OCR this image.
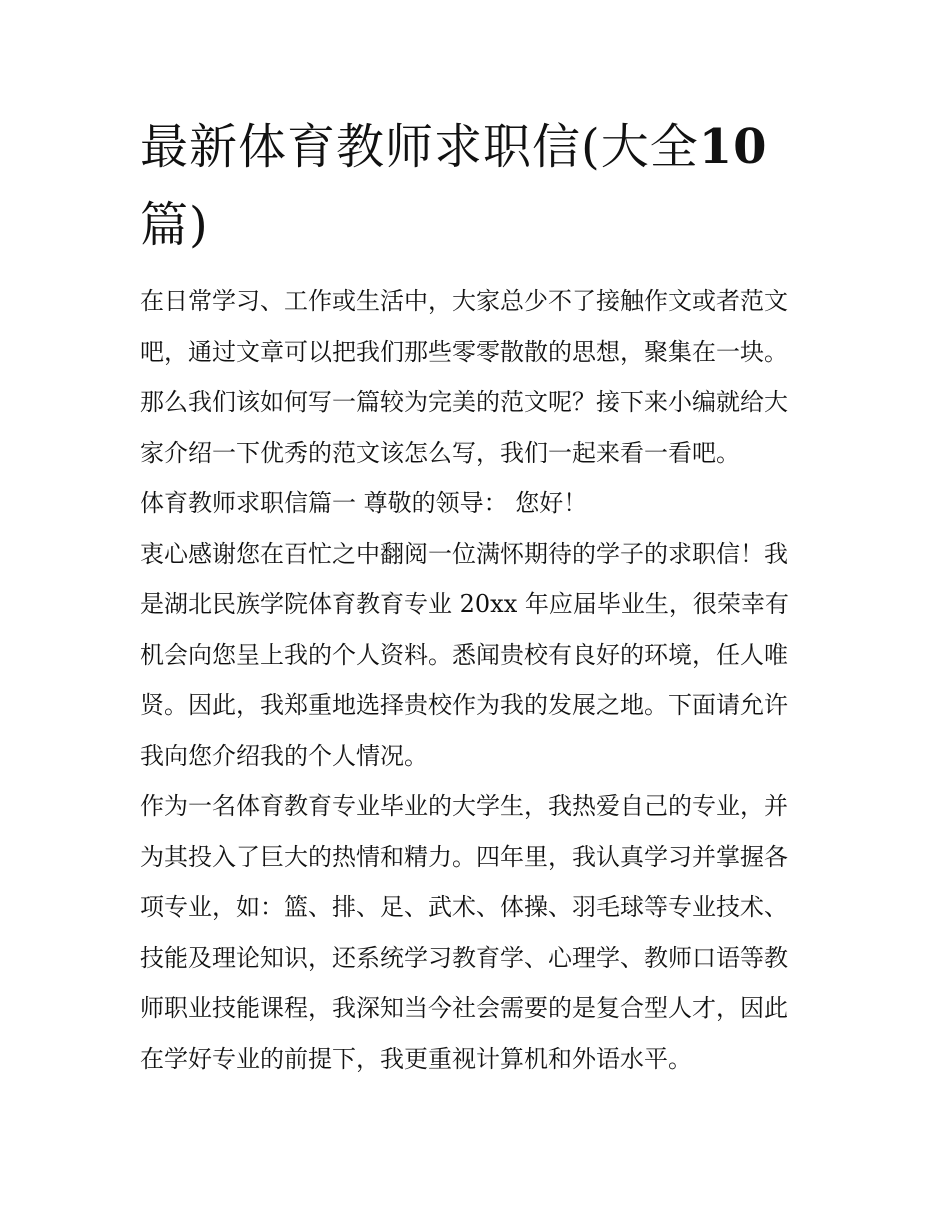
最新体育教师求职信(大全10
篇)
在日常学习、工作或生活中，大家总少不了接触作文或者范文
吧，通过文章可以把我们那些零零散散的思想，聚集在一块。
那么我们该如何写一篇较为完美的范文呢？接下来小编就给大
家介绍一下优秀的范文该怎么写，我们一起来看一看吧。
体育教师求职信篇一 尊敬的领导： 您好！
衷心感谢您在百忙之中翻阅一位满怀期待的学子的求职信！我
是湖北民族学院体育教育专业 20xx 年应届毕业生，很荣幸有
机会向您呈上我的个人资料。悉闻贵校有良好的环境，任人唯
贤。因此，我郑重地选择贵校作为我的发展之地。下面请允许
我向您介绍我的个人情况。
作为一名体育教育专业毕业的大学生，我热爱自己的专业，并
为其投入了巨大的热情和精力。四年里，我认真学习并掌握各
项专业，如：篮、排、足、武术、体操、羽毛球等专业技术、
技能及理论知识，还系统学习教育学、心理学、教师口语等教
师职业技能课程，我深知当今社会需要的是复合型人才，因此
在学好专业的前提下，我更重视计算机和外语水平。
